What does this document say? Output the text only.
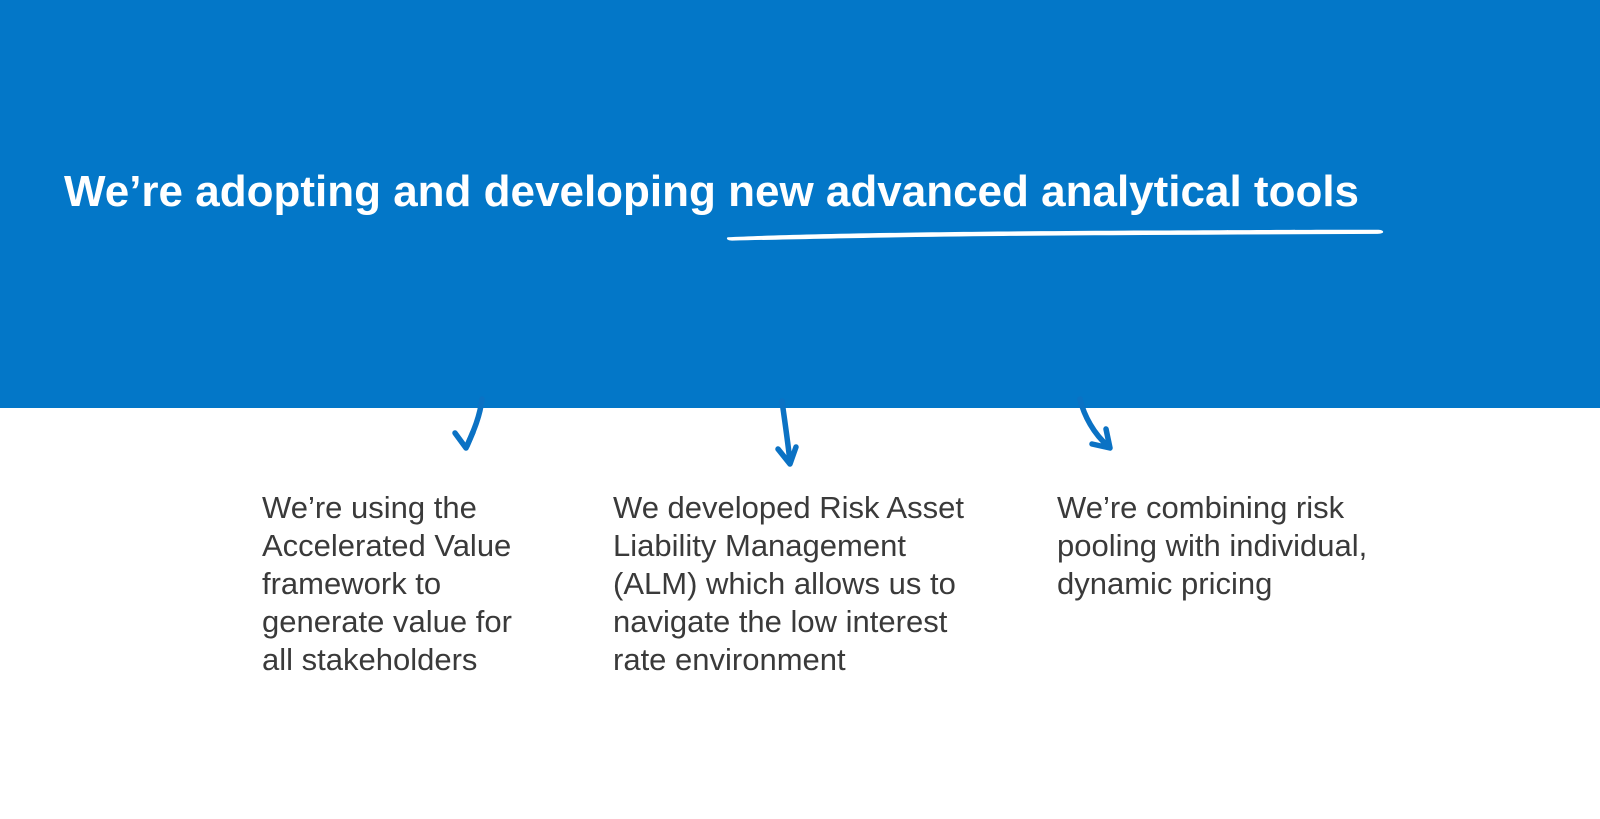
We’re adopting and developing new advanced analytical tools

We’re using the
Accelerated Value
framework to
generate value for
all stakeholders

We developed Risk Asset
Liability Management
(ALM) which allows us to
navigate the low interest
rate environment

We’re combining risk
pooling with individual,
dynamic pricing
